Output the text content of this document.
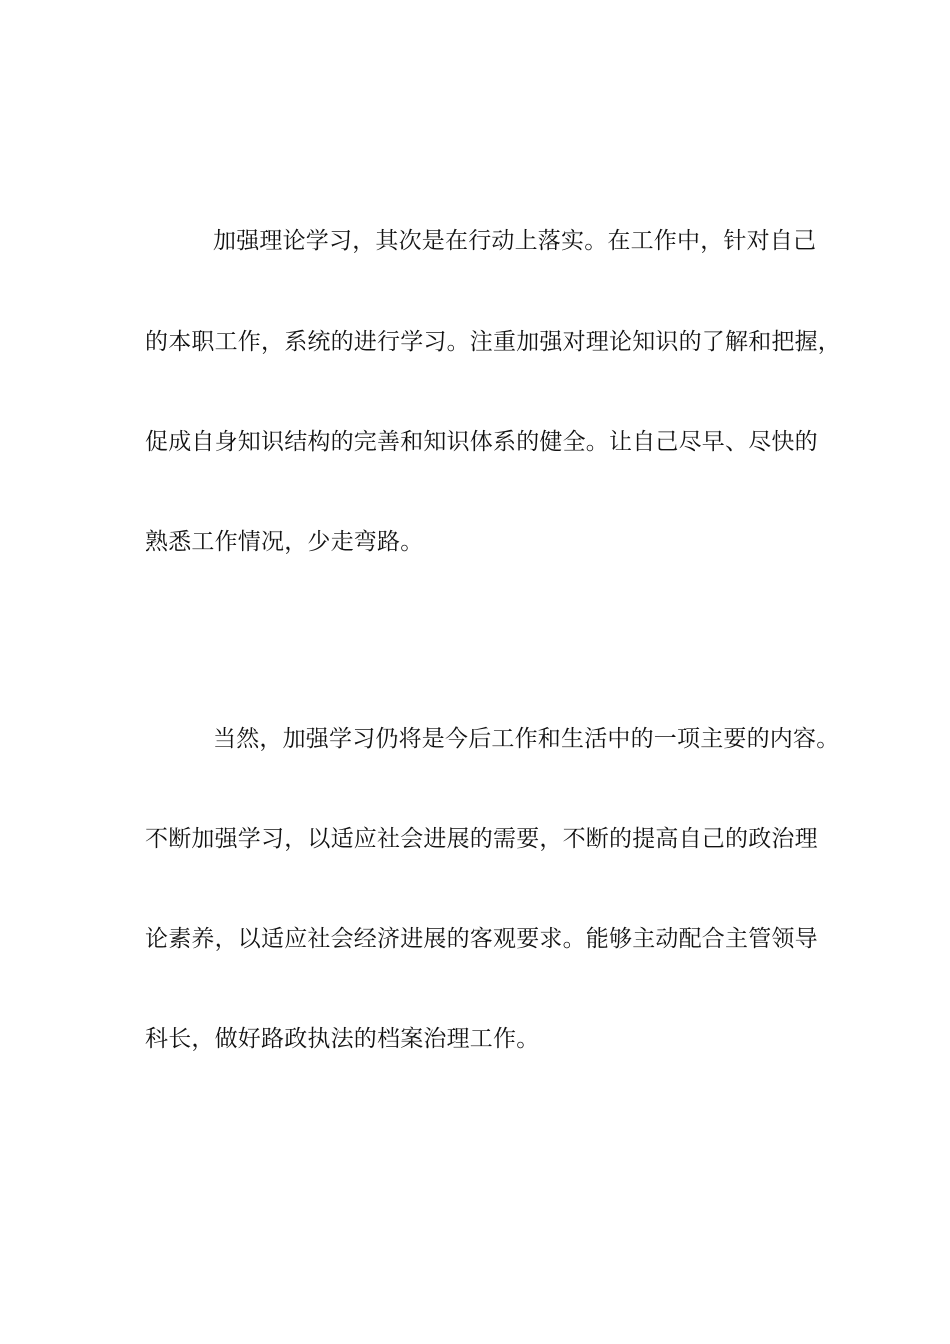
加强理论学习，其次是在行动上落实。在工作中，针对自己
的本职工作，系统的进行学习。注重加强对理论知识的了解和把握，
促成自身知识结构的完善和知识体系的健全。让自己尽早、尽快的
熟悉工作情况，少走弯路。
当然，加强学习仍将是今后工作和生活中的一项主要的内容。
不断加强学习，以适应社会进展的需要，不断的提高自己的政治理
论素养，以适应社会经济进展的客观要求。能够主动配合主管领导
科长，做好路政执法的档案治理工作。
